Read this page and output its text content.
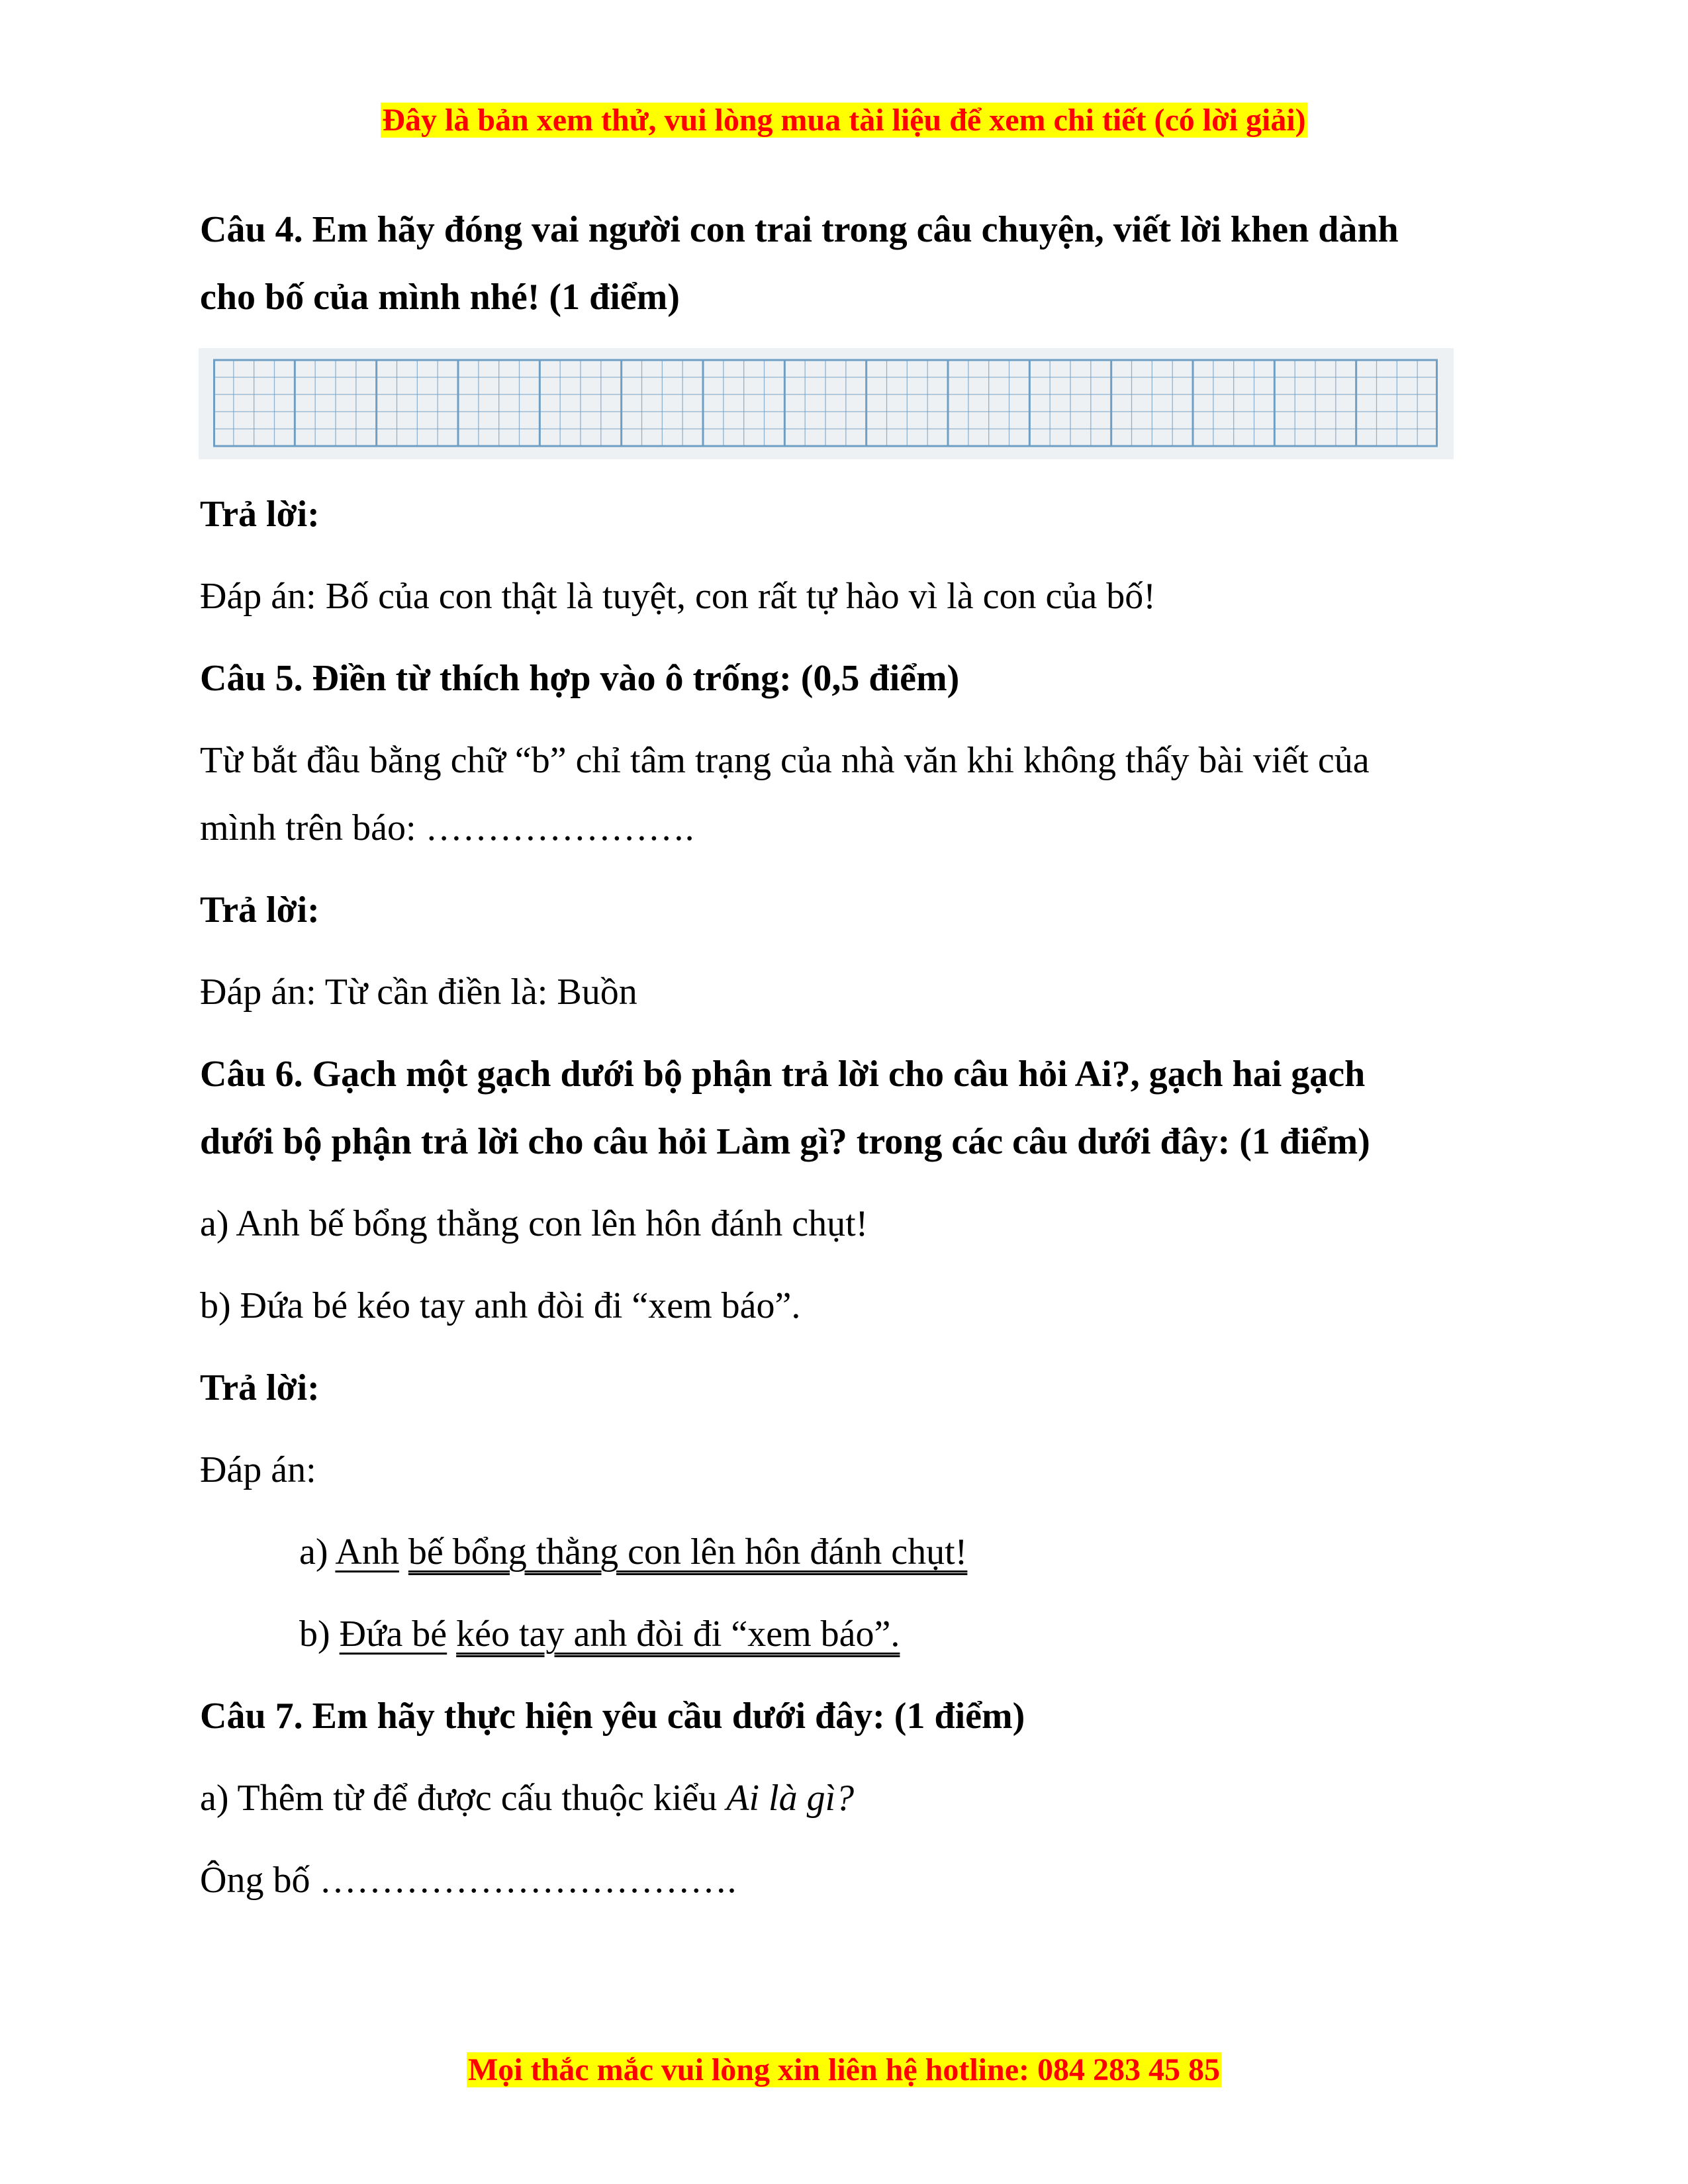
Đây là bản xem thử, vui lòng mua tài liệu để xem chi tiết (có lời giải)

Câu 4. Em hãy đóng vai người con trai trong câu chuyện, viết lời khen dành

cho bố của mình nhé! (1 điểm)

Trả lời:

Đáp án: Bố của con thật là tuyệt, con rất tự hào vì là con của bố!

Câu 5. Điền từ thích hợp vào ô trống: (0,5 điểm)

Từ bắt đầu bằng chữ “b” chỉ tâm trạng của nhà văn khi không thấy bài viết của

mình trên báo: ………………….

Trả lời:

Đáp án: Từ cần điền là: Buồn

Câu 6. Gạch một gạch dưới bộ phận trả lời cho câu hỏi Ai?, gạch hai gạch

dưới bộ phận trả lời cho câu hỏi Làm gì? trong các câu dưới đây: (1 điểm)

a) Anh bế bổng thằng con lên hôn đánh chụt!

b) Đứa bé kéo tay anh đòi đi “xem báo”.

Trả lời:

Đáp án:

a) Anh bế bổng thằng con lên hôn đánh chụt!

b) Đứa bé kéo tay anh đòi đi “xem báo”.

Câu 7. Em hãy thực hiện yêu cầu dưới đây: (1 điểm)

a) Thêm từ để được cấu thuộc kiểu Ai là gì?

Ông bố …………………………….

Mọi thắc mắc vui lòng xin liên hệ hotline: 084 283 45 85
